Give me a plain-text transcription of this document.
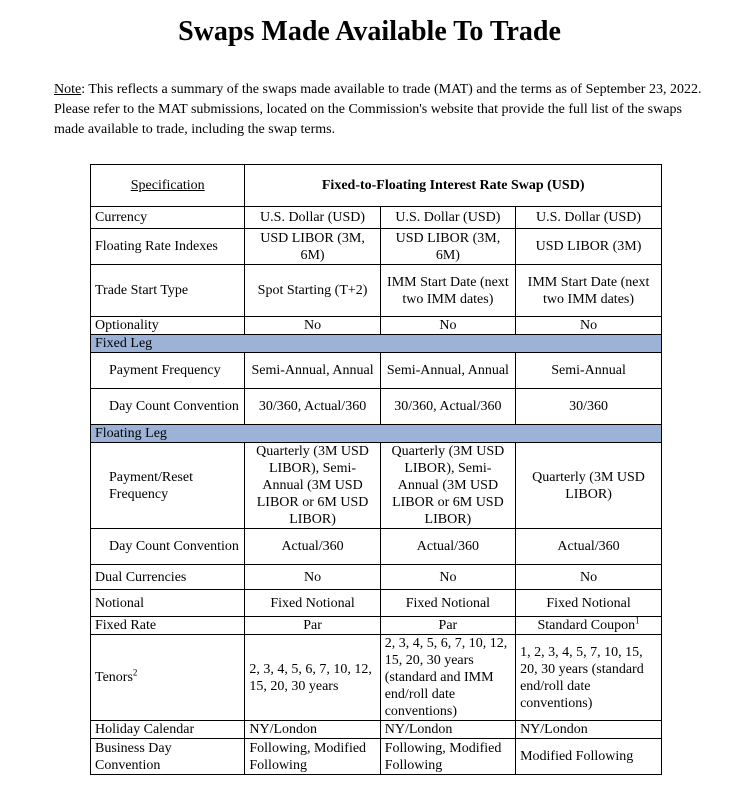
Swaps Made Available To Trade
Note: This reflects a summary of the swaps made available to trade (MAT) and the terms as of September 23, 2022. Please refer to the MAT submissions, located on the Commission's website that provide the full list of the swaps made available to trade, including the swap terms.
Specification	Fixed-to-Floating Interest Rate Swap (USD)		
Currency	U.S. Dollar (USD)	U.S. Dollar (USD)	U.S. Dollar (USD)
Floating Rate Indexes	USD LIBOR (3M, 6M)	USD LIBOR (3M, 6M)	USD LIBOR (3M)
Trade Start Type	Spot Starting (T+2)	IMM Start Date (next two IMM dates)	IMM Start Date (next two IMM dates)
Optionality	No	No	No
Fixed Leg			
Payment Frequency	Semi-Annual, Annual	Semi-Annual, Annual	Semi-Annual
Day Count Convention	30/360, Actual/360	30/360, Actual/360	30/360
Floating Leg			
Payment/Reset Frequency	Quarterly (3M USD LIBOR), Semi-Annual (3M USD LIBOR or 6M USD LIBOR)	Quarterly (3M USD LIBOR), Semi-Annual (3M USD LIBOR or 6M USD LIBOR)	Quarterly (3M USD LIBOR)
Day Count Convention	Actual/360	Actual/360	Actual/360
Dual Currencies	No	No	No
Notional	Fixed Notional	Fixed Notional	Fixed Notional
Fixed Rate	Par	Par	Standard Coupon$^1$
Tenors$^2$	2, 3, 4, 5, 6, 7, 10, 12, 15, 20, 30 years	2, 3, 4, 5, 6, 7, 10, 12, 15, 20, 30 years (standard and IMM end/roll date conventions)	1, 2, 3, 4, 5, 7, 10, 15, 20, 30 years (standard end/roll date conventions)
Holiday Calendar	NY/London	NY/London	NY/London
Business Day Convention	Following, Modified Following	Following, Modified Following	Modified Following
